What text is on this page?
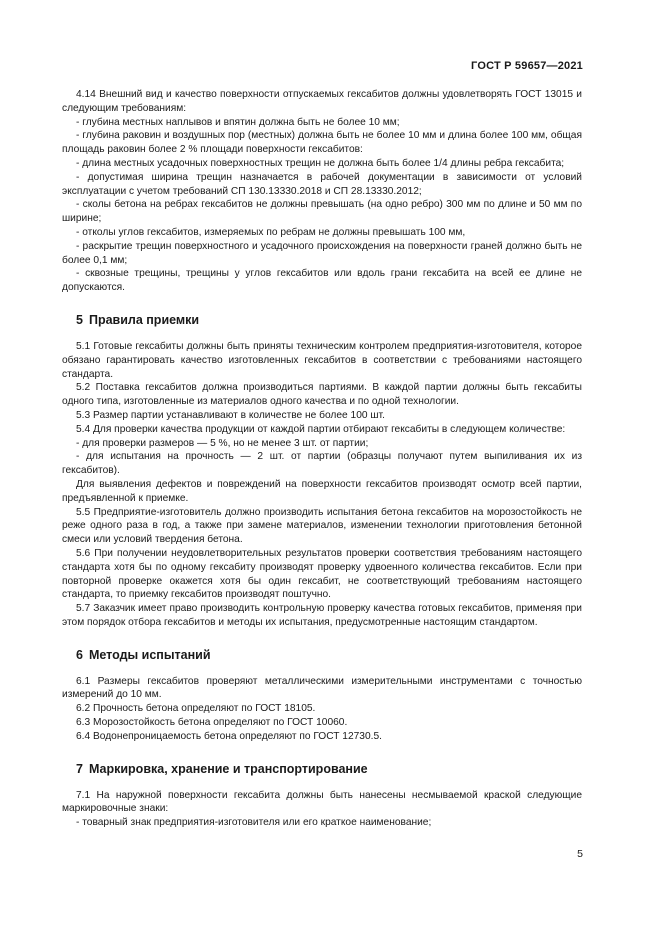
ГОСТ Р 59657—2021

4.14 Внешний вид и качество поверхности отпускаемых гексабитов должны удовлетворять ГОСТ 13015 и следующим требованиям:

- глубина местных наплывов и впятин должна быть не более 10 мм;

- глубина раковин и воздушных пор (местных) должна быть не более 10 мм и длина более 100 мм, общая площадь раковин более 2 % площади поверхности гексабитов:

- длина местных усадочных поверхностных трещин не должна быть более 1/4 длины ребра гексабита;

- допустимая ширина трещин назначается в рабочей документации в зависимости от условий эксплуатации с учетом требований СП 130.13330.2018 и СП 28.13330.2012;

- сколы бетона на ребрах гексабитов не должны превышать (на одно ребро) 300 мм по длине и 50 мм по ширине;

- отколы углов гексабитов, измеряемых по ребрам не должны превышать 100 мм,

- раскрытие трещин поверхностного и усадочного происхождения на поверхности граней должно быть не более 0,1 мм;

- сквозные трещины, трещины у углов гексабитов или вдоль грани гексабита на всей ее длине не допускаются.

5 Правила приемки

5.1 Готовые гексабиты должны быть приняты техническим контролем предприятия-изготовителя, которое обязано гарантировать качество изготовленных гексабитов в соответствии с требованиями настоящего стандарта.

5.2 Поставка гексабитов должна производиться партиями. В каждой партии должны быть гексабиты одного типа, изготовленные из материалов одного качества и по одной технологии.

5.3 Размер партии устанавливают в количестве не более 100 шт.

5.4 Для проверки качества продукции от каждой партии отбирают гексабиты в следующем количестве:

- для проверки размеров — 5 %, но не менее 3 шт. от партии;

- для испытания на прочность — 2 шт. от партии (образцы получают путем выпиливания их из гексабитов).

Для выявления дефектов и повреждений на поверхности гексабитов производят осмотр всей партии, предъявленной к приемке.

5.5 Предприятие-изготовитель должно производить испытания бетона гексабитов на морозостойкость не реже одного раза в год, а также при замене материалов, изменении технологии приготовления бетонной смеси или условий твердения бетона.

5.6 При получении неудовлетворительных результатов проверки соответствия требованиям настоящего стандарта хотя бы по одному гексабиту производят проверку удвоенного количества гексабитов. Если при повторной проверке окажется хотя бы один гексабит, не соответствующий требованиям настоящего стандарта, то приемку гексабитов производят поштучно.

5.7 Заказчик имеет право производить контрольную проверку качества готовых гексабитов, применяя при этом порядок отбора гексабитов и методы их испытания, предусмотренные настоящим стандартом.

6 Методы испытаний

6.1 Размеры гексабитов проверяют металлическими измерительными инструментами с точностью измерений до 10 мм.

6.2 Прочность бетона определяют по ГОСТ 18105.

6.3 Морозостойкость бетона определяют по ГОСТ 10060.

6.4 Водонепроницаемость бетона определяют по ГОСТ 12730.5.

7 Маркировка, хранение и транспортирование

7.1 На наружной поверхности гексабита должны быть нанесены несмываемой краской следующие маркировочные знаки:

- товарный знак предприятия-изготовителя или его краткое наименование;

5
